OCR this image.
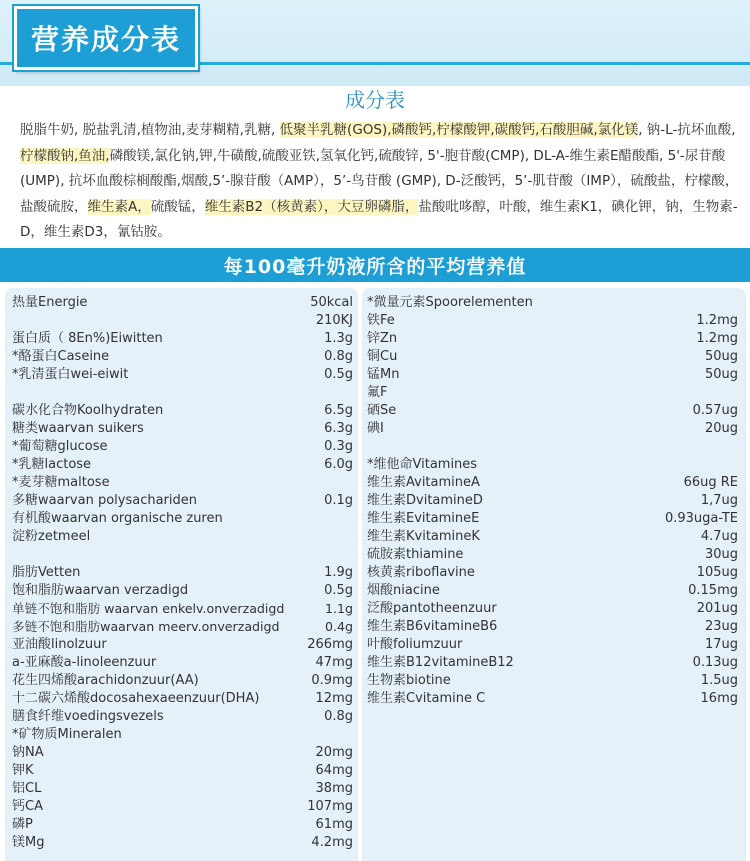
营养成分表
成分表
脱脂牛奶, 脱盐乳清,植物油,麦芽糊精,乳糖, 低聚半乳糖(GOS),磷酸钙,柠檬酸钾,碳酸钙,石酸胆碱,氯化镁, 钠-L-抗坏血酸, 柠檬酸钠,鱼油,磷酸镁,氯化钠,钾,牛磺酸,硫酸亚铁,氢氧化钙,硫酸锌, 5'-胞苷酸(CMP), DL-A-维生素E醋酸酯, 5'-尿苷酸(UMP), 抗坏血酸棕榈酸酯,烟酸,5’-腺苷酸（AMP），5’-鸟苷酸 (GMP), D-泛酸钙，5’-肌苷酸（IMP），硫酸盐，柠檬酸，盐酸硫胺，维生素A，硫酸锰，维生素B2（核黄素），大豆卵磷脂，盐酸吡哆醇，叶酸，维生素K1，碘化钾，钠，生物素-D，维生素D3，氰钴胺。
每100毫升奶液所含的平均营养值
热量Energie	50kcal
210KJ
蛋白质（ 8En%)Eiwitten	1.3g
*酪蛋白Caseine	0.8g
*乳清蛋白wei-eiwit	0.5g
碳水化合物Koolhydraten	6.5g
糖类waarvan suikers	6.3g
*葡萄糖glucose	0.3g
*乳糖lactose	6.0g
*麦芽糖maltose
多糖waarvan polysachariden	0.1g
有机酸waarvan organische zuren
淀粉zetmeel
脂肪Vetten	1.9g
饱和脂肪waarvan verzadigd	0.5g
单链不饱和脂肪 waarvan enkelv.onverzadigd	1.1g
多链不饱和脂肪waarvan meerv.onverzadigd	0.4g
亚油酸linolzuur	266mg
a-亚麻酸a-linoleenzuur	47mg
花生四烯酸arachidonzuur(AA)	0.9mg
十二碳六烯酸docosahexaeenzuur(DHA)	12mg
膳食纤维voedingsvezels	0.8g
*矿物质Mineralen
钠NA	20mg
钾K	64mg
铝CL	38mg
钙CA	107mg
磷P	61mg
镁Mg	4.2mg
*微量元素Spoorelementen
铁Fe	1.2mg
锌Zn	1.2mg
铜Cu	50ug
锰Mn	50ug
氟F
硒Se	0.57ug
碘I	20ug
*维他命Vitamines
维生素AvitamineA	66ug RE
维生素DvitamineD	1,7ug
维生素EvitamineE	0.93uga-TE
维生素KvitamineK	4.7ug
硫胺素thiamine	30ug
核黄素riboflavine	105ug
烟酸niacine	0.15mg
泛酸pantotheenzuur	201ug
维生素B6vitamineB6	23ug
叶酸foliumzuur	17ug
维生素B12vitamineB12	0.13ug
生物素biotine	1.5ug
维生素Cvitamine C	16mg
